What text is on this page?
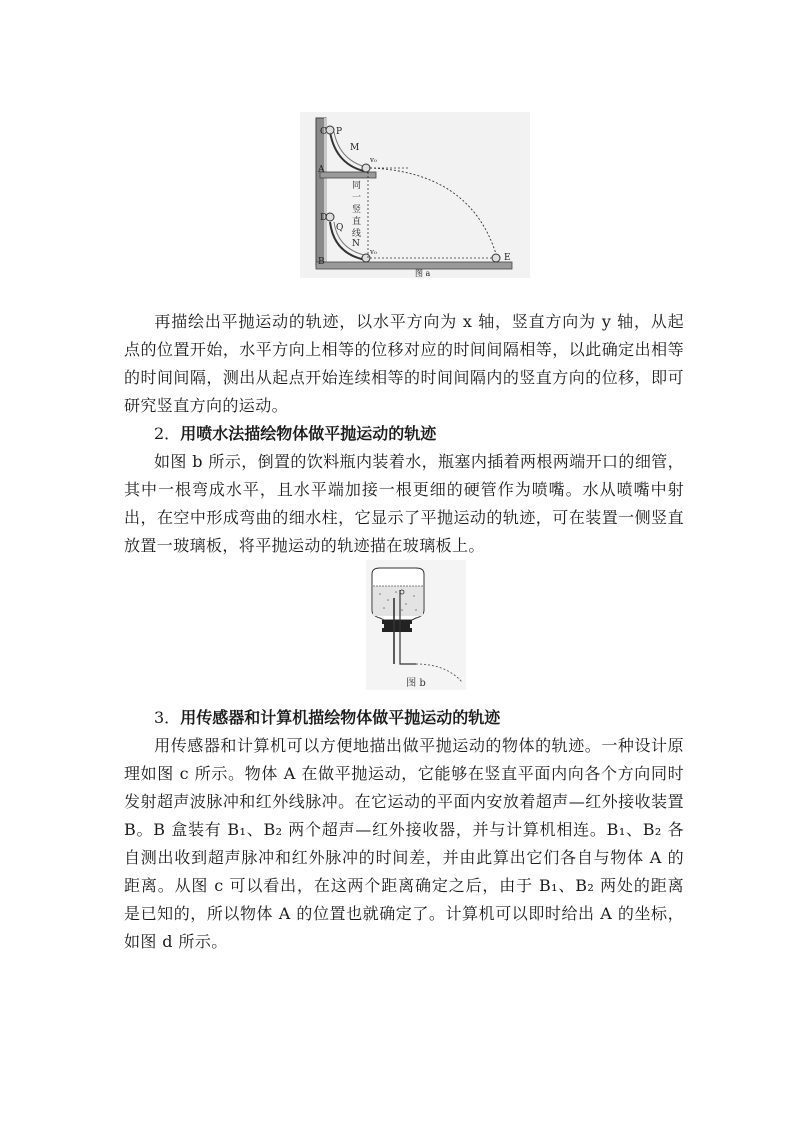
C P
M
A
D
Q
N
B	E
v₀
v₀
同
一
竖
直
线
图 a
再描绘出平抛运动的轨迹，以水平方向为 x 轴，竖直方向为 y 轴，从起点的位置开始，水平方向上相等的位移对应的时间间隔相等，以此确定出相等的时间间隔，测出从起点开始连续相等的时间间隔内的竖直方向的位移，即可研究竖直方向的运动。
2．用喷水法描绘物体做平抛运动的轨迹
如图 b 所示，倒置的饮料瓶内装着水，瓶塞内插着两根两端开口的细管，其中一根弯成水平，且水平端加接一根更细的硬管作为喷嘴。水从喷嘴中射出，在空中形成弯曲的细水柱，它显示了平抛运动的轨迹，可在装置一侧竖直放置一玻璃板，将平抛运动的轨迹描在玻璃板上。
图 b
3．用传感器和计算机描绘物体做平抛运动的轨迹
用传感器和计算机可以方便地描出做平抛运动的物体的轨迹。一种设计原理如图 c 所示。物体 A 在做平抛运动，它能够在竖直平面内向各个方向同时发射超声波脉冲和红外线脉冲。在它运动的平面内安放着超声—红外接收装置 B。B 盒装有 B₁、B₂ 两个超声—红外接收器，并与计算机相连。B₁、B₂ 各自测出收到超声脉冲和红外脉冲的时间差，并由此算出它们各自与物体 A 的距离。从图 c 可以看出，在这两个距离确定之后，由于 B₁、B₂ 两处的距离是已知的，所以物体 A 的位置也就确定了。计算机可以即时给出 A 的坐标，如图 d 所示。
